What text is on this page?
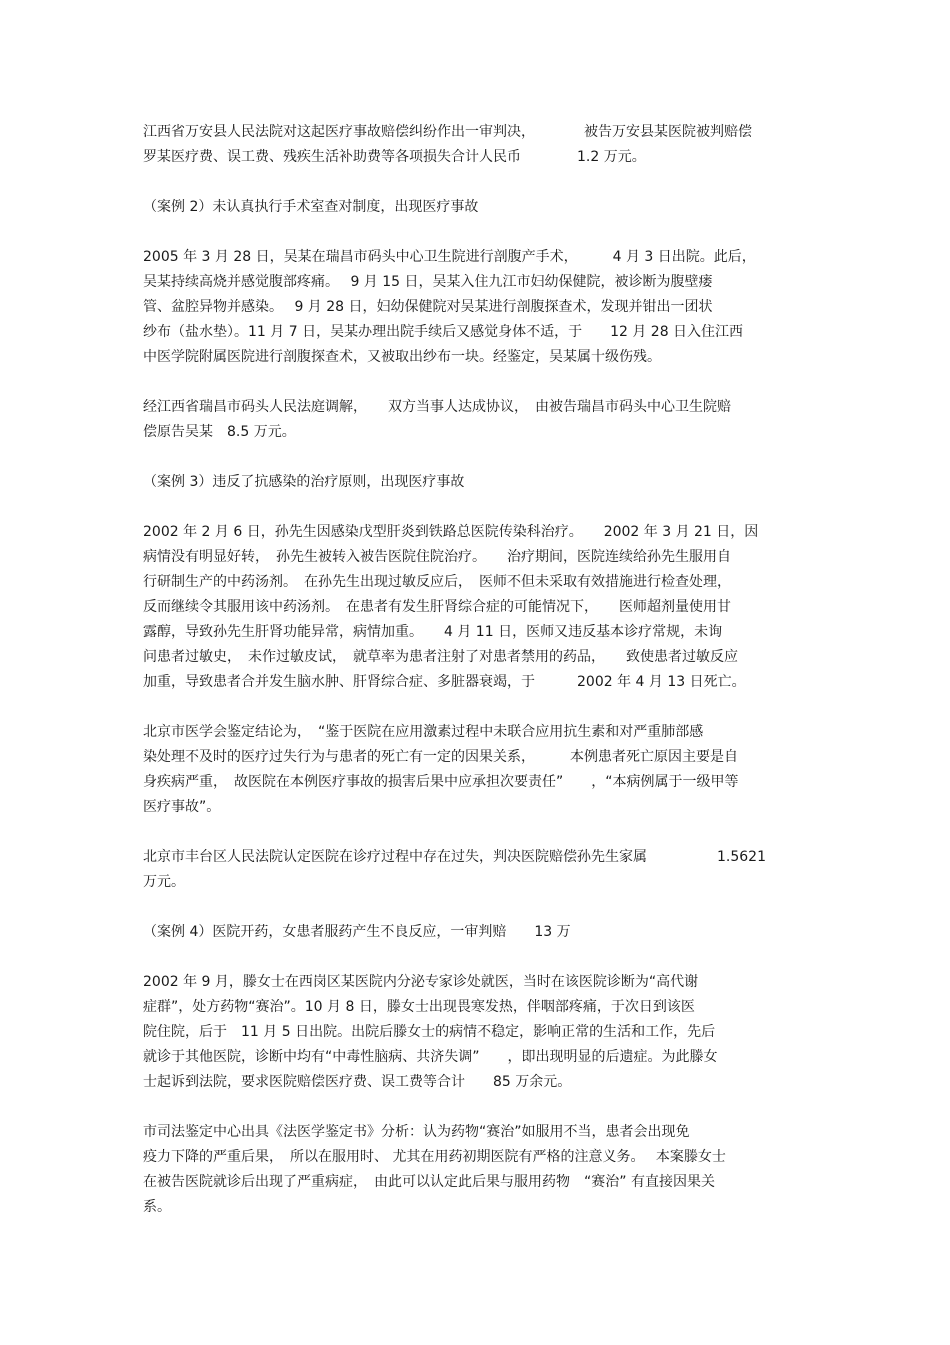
江西省万安县人民法院对这起医疗事故赔偿纠纷作出一审判决，　　　　被告万安县某医院被判赔偿
罗某医疗费、误工费、残疾生活补助费等各项损失合计人民币　　　　1.2 万元。

（案例 2）未认真执行手术室查对制度，出现医疗事故

2005 年 3 月 28 日，吴某在瑞昌市码头中心卫生院进行剖腹产手术，　　　4 月 3 日出院。此后，
吴某持续高烧并感觉腹部疼痛。　 9 月 15 日，吴某入住九江市妇幼保健院，被诊断为腹壁瘘
管、盆腔异物并感染。　 9 月 28 日，妇幼保健院对吴某进行剖腹探查术，发现并钳出一团状
纱布（盐水垫）。11 月 7 日，吴某办理出院手续后又感觉身体不适，于　　12 月 28 日入住江西
中医学院附属医院进行剖腹探查术，又被取出纱布一块。经鉴定，吴某属十级伤残。

经江西省瑞昌市码头人民法庭调解，　　双方当事人达成协议，　由被告瑞昌市码头中心卫生院赔
偿原告吴某　8.5 万元。

（案例 3）违反了抗感染的治疗原则，出现医疗事故

2002 年 2 月 6 日，孙先生因感染戊型肝炎到铁路总医院传染科治疗。　　2002 年 3 月 21 日，因
病情没有明显好转，　孙先生被转入被告医院住院治疗。　　治疗期间，医院连续给孙先生服用自
行研制生产的中药汤剂。　在孙先生出现过敏反应后，　医师不但未采取有效措施进行检查处理，
反而继续令其服用该中药汤剂。　在患者有发生肝肾综合症的可能情况下，　　医师超剂量使用甘
露醇，导致孙先生肝肾功能异常，病情加重。　　4 月 11 日，医师又违反基本诊疗常规，未询
问患者过敏史，　未作过敏皮试，　就草率为患者注射了对患者禁用的药品，　　致使患者过敏反应
加重，导致患者合并发生脑水肿、肝肾综合症、多脏器衰竭，于　　　2002 年 4 月 13 日死亡。

北京市医学会鉴定结论为，　“鉴于医院在应用激素过程中未联合应用抗生素和对严重肺部感
染处理不及时的医疗过失行为与患者的死亡有一定的因果关系，　　　本例患者死亡原因主要是自
身疾病严重，　故医院在本例医疗事故的损害后果中应承担次要责任”　　，“本病例属于一级甲等
医疗事故”。

北京市丰台区人民法院认定医院在诊疗过程中存在过失，判决医院赔偿孙先生家属　　　　　1.5621
万元。

（案例 4）医院开药，女患者服药产生不良反应，一审判赔　　13 万

2002 年 9 月，滕女士在西岗区某医院内分泌专家诊处就医，当时在该医院诊断为“高代谢
症群”，处方药物“赛治”。10 月 8 日，滕女士出现畏寒发热，伴咽部疼痛，于次日到该医
院住院，后于　11 月 5 日出院。出院后滕女士的病情不稳定，影响正常的生活和工作，先后
就诊于其他医院，诊断中均有“中毒性脑病、共济失调”　　，即出现明显的后遗症。为此滕女
士起诉到法院，要求医院赔偿医疗费、误工费等合计　　85 万余元。

市司法鉴定中心出具《法医学鉴定书》分析：认为药物“赛治”如服用不当，患者会出现免
疫力下降的严重后果，　所以在服用时、 尤其在用药初期医院有严格的注意义务。　 本案滕女士
在被告医院就诊后出现了严重病症，　由此可以认定此后果与服用药物　“赛治” 有直接因果关
系。
